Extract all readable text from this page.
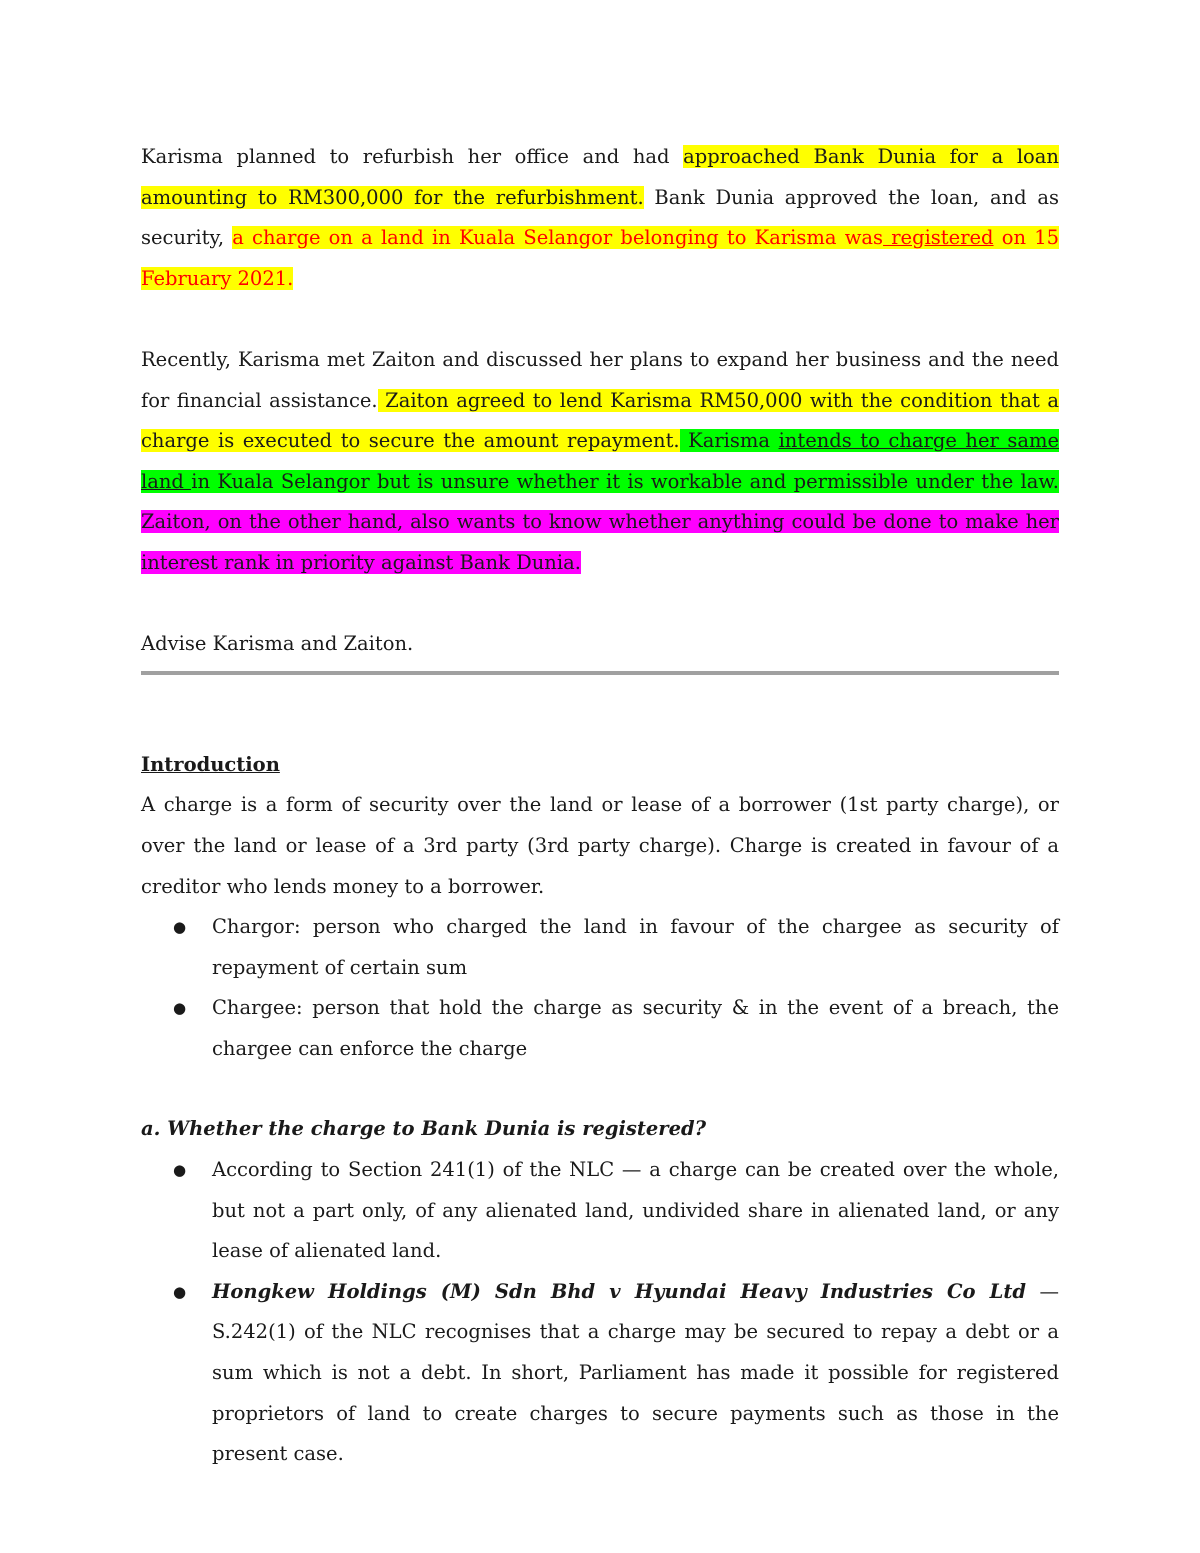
Karisma planned to refurbish her office and had approached Bank Dunia for a loan amounting to RM300,000 for the refurbishment. Bank Dunia approved the loan, and as security, a charge on a land in Kuala Selangor belonging to Karisma was registered on 15 February 2021.

Recently, Karisma met Zaiton and discussed her plans to expand her business and the need for financial assistance. Zaiton agreed to lend Karisma RM50,000 with the condition that a charge is executed to secure the amount repayment. Karisma intends to charge her same land in Kuala Selangor but is unsure whether it is workable and permissible under the law. Zaiton, on the other hand, also wants to know whether anything could be done to make her interest rank in priority against Bank Dunia.

Advise Karisma and Zaiton.

Introduction

A charge is a form of security over the land or lease of a borrower (1st party charge), or over the land or lease of a 3rd party (3rd party charge). Charge is created in favour of a creditor who lends money to a borrower.

● Chargor: person who charged the land in favour of the chargee as security of repayment of certain sum
● Chargee: person that hold the charge as security & in the event of a breach, the chargee can enforce the charge

a. Whether the charge to Bank Dunia is registered?

● According to Section 241(1) of the NLC — a charge can be created over the whole, but not a part only, of any alienated land, undivided share in alienated land, or any lease of alienated land.
● Hongkew Holdings (M) Sdn Bhd v Hyundai Heavy Industries Co Ltd — S.242(1) of the NLC recognises that a charge may be secured to repay a debt or a sum which is not a debt. In short, Parliament has made it possible for registered proprietors of land to create charges to secure payments such as those in the present case.
